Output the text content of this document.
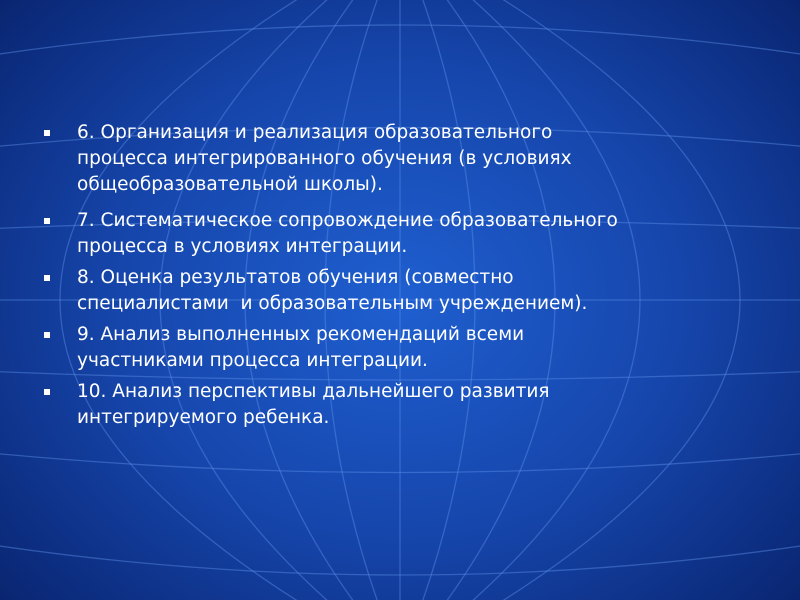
6. Организация и реализация образовательного
процесса интегрированного обучения (в условиях
общеобразовательной школы).
7. Систематическое сопровождение образовательного
процесса в условиях интеграции.
8. Оценка результатов обучения (совместно
специалистами  и образовательным учреждением).
9. Анализ выполненных рекомендаций всеми
участниками процесса интеграции.
10. Анализ перспективы дальнейшего развития
интегрируемого ребенка.
